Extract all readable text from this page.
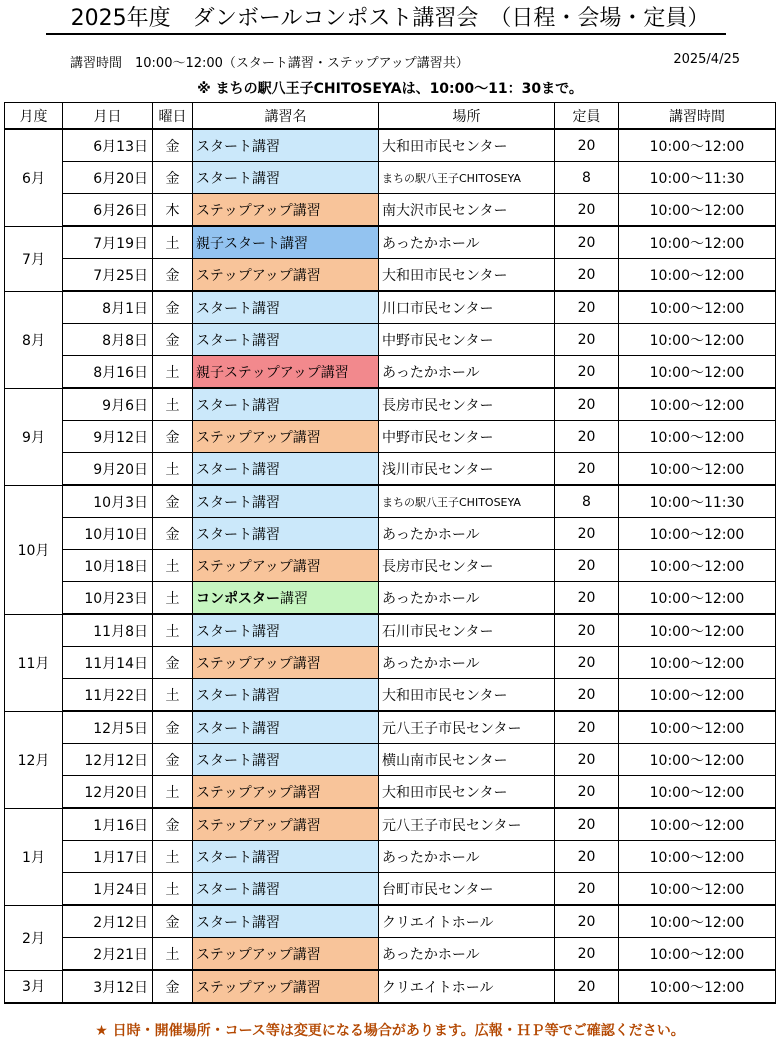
2025年度　ダンボールコンポスト講習会　（日程・会場・定員）
講習時間　10:00～12:00（スタート講習・ステップアップ講習共）	2025/4/25
※ まちの駅八王子CHITOSEYAは、10:00～11：30まで。
月度	月日	曜日	講習名	場所	定員	講習時間
6月	6月13日	金	スタート講習	大和田市民センター	20	10:00～12:00
	6月20日	金	スタート講習	まちの駅八王子CHITOSEYA	8	10:00～11:30
	6月26日	木	ステップアップ講習	南大沢市民センター	20	10:00～12:00
7月	7月19日	土	親子スタート講習	あったかホール	20	10:00～12:00
	7月25日	金	ステップアップ講習	大和田市民センター	20	10:00～12:00
8月	8月1日	金	スタート講習	川口市民センター	20	10:00～12:00
	8月8日	金	スタート講習	中野市民センター	20	10:00～12:00
	8月16日	土	親子ステップアップ講習	あったかホール	20	10:00～12:00
9月	9月6日	土	スタート講習	長房市民センター	20	10:00～12:00
	9月12日	金	ステップアップ講習	中野市民センター	20	10:00～12:00
	9月20日	土	スタート講習	浅川市民センター	20	10:00～12:00
10月	10月3日	金	スタート講習	まちの駅八王子CHITOSEYA	8	10:00～11:30
	10月10日	金	スタート講習	あったかホール	20	10:00～12:00
	10月18日	土	ステップアップ講習	長房市民センター	20	10:00～12:00
	10月23日	土	コンポスター講習	あったかホール	20	10:00～12:00
11月	11月8日	土	スタート講習	石川市民センター	20	10:00～12:00
	11月14日	金	ステップアップ講習	あったかホール	20	10:00～12:00
	11月22日	土	スタート講習	大和田市民センター	20	10:00～12:00
12月	12月5日	金	スタート講習	元八王子市民センター	20	10:00～12:00
	12月12日	金	スタート講習	横山南市民センター	20	10:00～12:00
	12月20日	土	ステップアップ講習	大和田市民センター	20	10:00～12:00
1月	1月16日	金	ステップアップ講習	元八王子市民センター	20	10:00～12:00
	1月17日	土	スタート講習	あったかホール	20	10:00～12:00
	1月24日	土	スタート講習	台町市民センター	20	10:00～12:00
2月	2月12日	金	スタート講習	クリエイトホール	20	10:00～12:00
	2月21日	土	ステップアップ講習	あったかホール	20	10:00～12:00
3月	3月12日	金	ステップアップ講習	クリエイトホール	20	10:00～12:00
★ 日時・開催場所・コース等は変更になる場合があります。広報・ＨＰ等でご確認ください。
